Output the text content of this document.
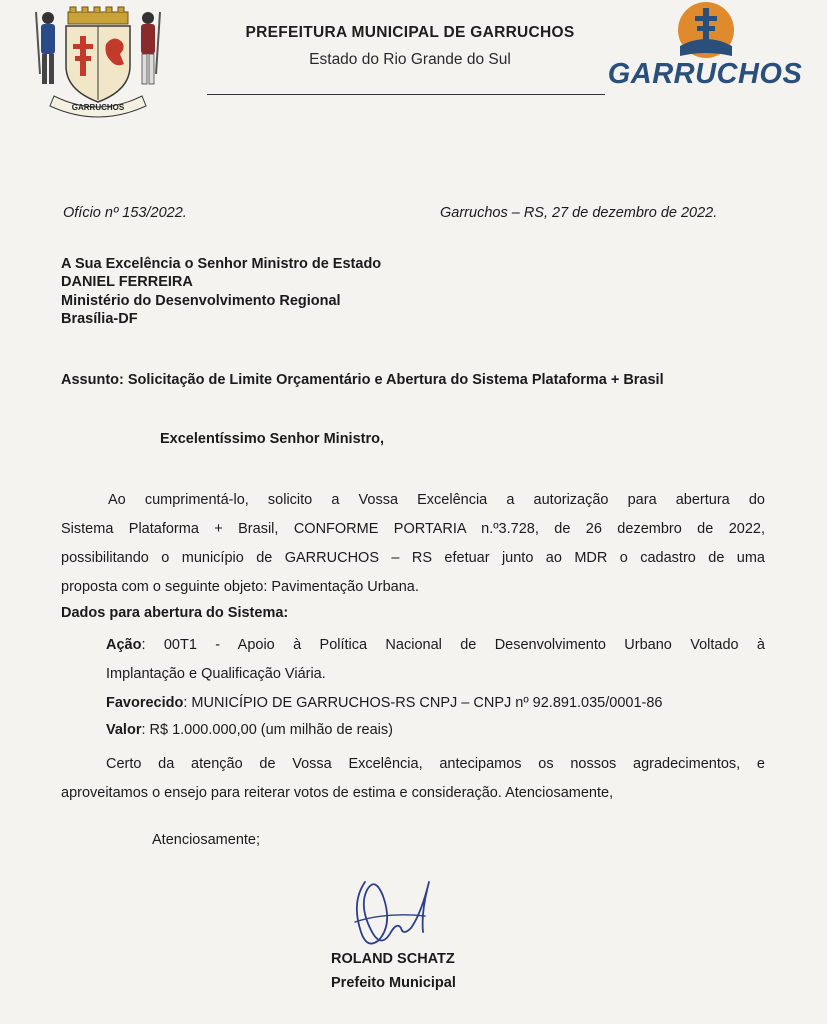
GARRUCHOS
PREFEITURA MUNICIPAL DE GARRUCHOS
Estado do Rio Grande do Sul	GARRUCHOS
Ofício nº 153/2022.	Garruchos – RS, 27 de dezembro de 2022.
A Sua Excelência o Senhor Ministro de Estado
DANIEL FERREIRA
Ministério do Desenvolvimento Regional
Brasília-DF
Assunto: Solicitação de Limite Orçamentário e Abertura do Sistema Plataforma + Brasil
Excelentíssimo Senhor Ministro,
Ao cumprimentá-lo, solicito a Vossa Excelência a autorização para abertura do
Sistema Plataforma + Brasil, CONFORME PORTARIA n.º3.728, de 26 dezembro de 2022,
possibilitando o município de GARRUCHOS – RS efetuar junto ao MDR o cadastro de uma
proposta com o seguinte objeto: Pavimentação Urbana.
Dados para abertura do Sistema:
Ação: 00T1 - Apoio à Política Nacional de Desenvolvimento Urbano Voltado à
Implantação e Qualificação Viária.
Favorecido: MUNICÍPIO DE GARRUCHOS-RS CNPJ – CNPJ nº 92.891.035/0001-86
Valor: R$ 1.000.000,00 (um milhão de reais)
Certo da atenção de Vossa Excelência, antecipamos os nossos agradecimentos, e
aproveitamos o ensejo para reiterar votos de estima e consideração. Atenciosamente,
Atenciosamente;
ROLAND SCHATZ
Prefeito Municipal
